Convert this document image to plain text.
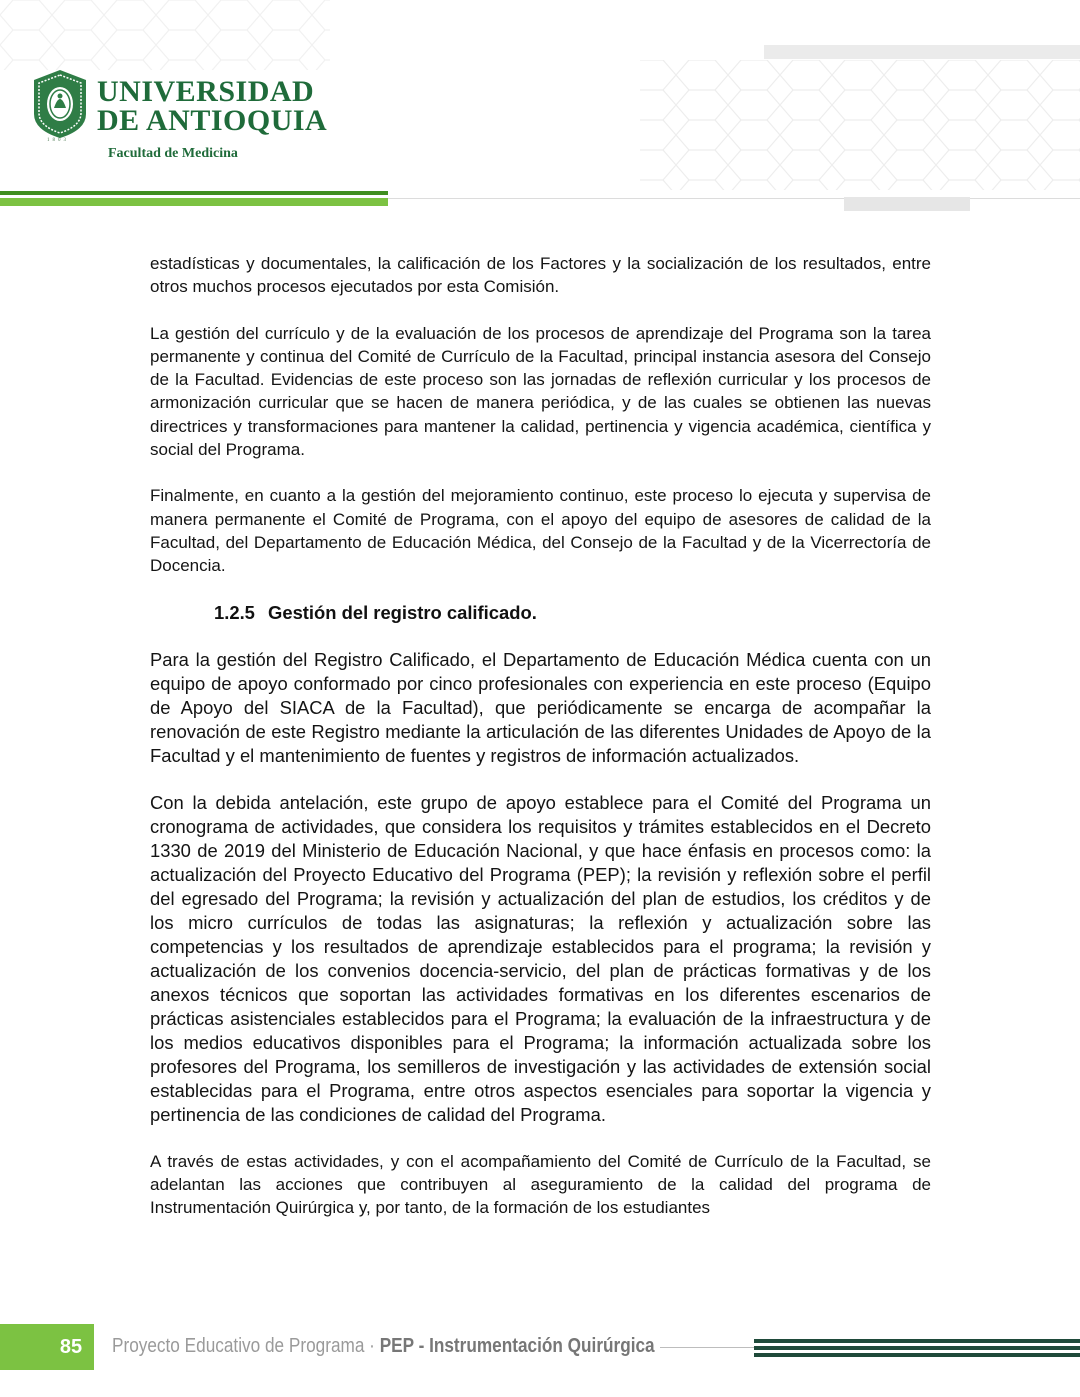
1803
UNIVERSIDAD
DE ANTIOQUIA
Facultad de Medicina

estadísticas y documentales, la calificación de los Factores y la socialización de los resultados, entre otros muchos procesos ejecutados por esta Comisión.

La gestión del currículo y de la evaluación de los procesos de aprendizaje del Programa son la tarea permanente y continua del Comité de Currículo de la Facultad, principal instancia asesora del Consejo de la Facultad. Evidencias de este proceso son las jornadas de reflexión curricular y los procesos de armonización curricular que se hacen de manera periódica, y de las cuales se obtienen las nuevas directrices y transformaciones para mantener la calidad, pertinencia y vigencia académica, científica y social del Programa.

Finalmente, en cuanto a la gestión del mejoramiento continuo, este proceso lo ejecuta y supervisa de manera permanente el Comité de Programa, con el apoyo del equipo de asesores de calidad de la Facultad, del Departamento de Educación Médica, del Consejo de la Facultad y de la Vicerrectoría de Docencia.

1.2.5 Gestión del registro calificado.

Para la gestión del Registro Calificado, el Departamento de Educación Médica cuenta con un equipo de apoyo conformado por cinco profesionales con experiencia en este proceso (Equipo de Apoyo del SIACA de la Facultad), que periódicamente se encarga de acompañar la renovación de este Registro mediante la articulación de las diferentes Unidades de Apoyo de la Facultad y el mantenimiento de fuentes y registros de información actualizados.

Con la debida antelación, este grupo de apoyo establece para el Comité del Programa un cronograma de actividades, que considera los requisitos y trámites establecidos en el Decreto 1330 de 2019 del Ministerio de Educación Nacional, y que hace énfasis en procesos como: la actualización del Proyecto Educativo del Programa (PEP); la revisión y reflexión sobre el perfil del egresado del Programa; la revisión y actualización del plan de estudios, los créditos y de los micro currículos de todas las asignaturas; la reflexión y actualización sobre las competencias y los resultados de aprendizaje establecidos para el programa; la revisión y actualización de los convenios docencia-servicio, del plan de prácticas formativas y de los anexos técnicos que soportan las actividades formativas en los diferentes escenarios de prácticas asistenciales establecidos para el Programa; la evaluación de la infraestructura y de los medios educativos disponibles para el Programa; la información actualizada sobre los profesores del Programa, los semilleros de investigación y las actividades de extensión social establecidas para el Programa, entre otros aspectos esenciales para soportar la vigencia y pertinencia de las condiciones de calidad del Programa.

A través de estas actividades, y con el acompañamiento del Comité de Currículo de la Facultad, se adelantan las acciones que contribuyen al aseguramiento de la calidad del programa de Instrumentación Quirúrgica y, por tanto, de la formación de los estudiantes

85 Proyecto Educativo de Programa · PEP - Instrumentación Quirúrgica
